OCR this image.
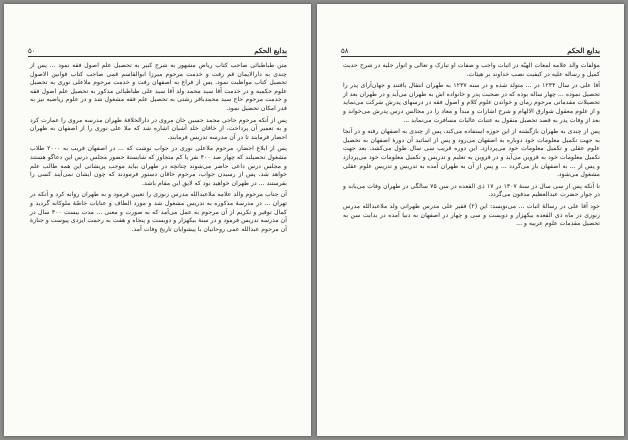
بدایع الحکم
۵۰

متن طباطبائی صاحب کتاب ریاض مشهور به شرح کبیر به تحصیل علم اصول فقه نمود ... پس از چندی به دارالایمان قم رفت و خدمت مرحوم میرزا ابوالقاسم قمی صاحب کتاب قوانین الاصول تحصیل کتاب مواظبت نمود. پس از فراغ به اصفهان رفت و خدمت مرحوم ملاعلی نوری به تحصیل علوم حکمیه و در خدمت آقا سید محمد ولد آقا سید علی طباطبائی مذکور به تحصیل علم اصول فقه و خدمت مرحوم حاج سید محمدباقر رشتی به تحصیل علم فقه مشغول شد و در علوم ریاضیه نیز به قدر امکان تحصیل نمود.

پس از آنکه مرحوم حاجی محمد حسین خان مروی در دارالخلافهٔ طهران مدرسه مروی را عمارت کرد و به تعمیر آن پرداخت، از خاقان خلد آشیان اشاره شد که ملا علی نوری را از اصفهان به طهران احضار فرمایند تا در آن مدرسه تدریس فرمایند.

پس از ابلاغ احضار، مرحوم ملاعلی نوری در جواب نوشت که ... در اصفهان قریب به ۲۰۰۰ طلاب مشغول تحصیلند که چهار صد ۴۰۰ نفر یا کم متجاوز که شایستهٔ حضور مجلس درس این دعاگو هستند و مجلس درس داعی حاضر می‌شوند چنانچه در طهران بیاید موجب پریشانی این همه طالب علم خواهد شد. پس از رسیدن جواب، مرحوم خاقان دستور فرمودند که چون ایشان نمی‌آیند کسی را بفرستند ... در طهران خواهید بود که لایق این مقام باشد.

آن جناب مرحوم والد علامه ملاعبدالله مدرس زنوزی را تعیین فرمود و به طهران روانه کرد و آنکه در تهران ... در مدرسهٔ مذکوره به تدریس مشغول شد و مورد الطاف و عنایات خاصّهٔ ملوکانه گردید و کمال توقیر و تکریم از آن مرحوم به عمل می‌آمد که به صورت و معنی ... مدت بیست ۴۰۰ سال در آن مدرسه تدریس فرمود و در سنهٔ بیکهزار و دویست و پنجاه و هفت به رحمت ایزدی پیوست و جنازهٔ آن مرحوم عبدالله عمی روحانیان با پیشوایان تاریخ وفات آمد.

بدایع الحکم
۵۸

مؤلفات والد علامه لمعات الهیّه در اثبات واجب و صفات او تبارک و تعالی و انوار جلیه در شرح حدیث کمیل و رساله علیه در کیفیت نصب خداوند بر هیئات.

آقا علی در سال ۱۲۳۴ در ... متولد شده و در سنه ۱۲۳۷ به طهران انتقال یافتند و جهان‌آرای پدر را تحصیل نموده ... چهار ساله بوده که در صحبت پدر و خانواده اش به طهران می‌آید و در طهران بعد از تحصیلات مقدماتی مرحوم زمان و خواندن علوم کلام و اصول فقه در درسهای پدرش شرکت می‌نماید و از علوم معقول شوارق الالهام و شرح اشارات و مبدأ و معاد را در مجالس درس پدرش می‌خواند و بعد از وفات پدر به قصد تحصیل منقول به عتبات عالیات مسافرت می‌نماید ...

پس از چندی به طهران بازگشته از این حوزه استفاده می‌کند، پس از چندی به اصفهان رفته و در آنجا به جهت تکمیل معلومات خود دوباره به اصفهان می‌رود و پس از اساتید آن دورهٔ اصفهان به تحصیل علوم عقلی و تکمیل معلومات خود می‌پردازد. این دوره قریب سی سال طول می‌کشد. بعد جهت تکمیل معلومات خود به قزوین می‌آید و در قزوین به تعلیم و تدریس و تکمیل معلومات خود می‌پردازد و پس از ... به اصفهان باز می‌گردد ... و پس از آن به طهران آمده به تدریس و تدریس علوم عقلی مشغول می‌شود.

تا آنکه پس از سی سال در سنهٔ ۱۳۰۷ در ۱۷ ذی القعده در سن ۷۵ سالگی در طهران وفات می‌یابد و در جوار حضرت عبدالعظیم مدفون می‌گردد.

خود آقا علی در رسالهٔ اثبات ... می‌نویسد: این (۲) فقیر علی مدرس طهرانی ولد ملاعبدالله مدرس زنوزی در ماه ذی القعده بیکهزار و دویست و سی و چهار در اصفهان به دنیا آمده در بدایت سن به تحصیل مقدمات علوم عربیه و ...
